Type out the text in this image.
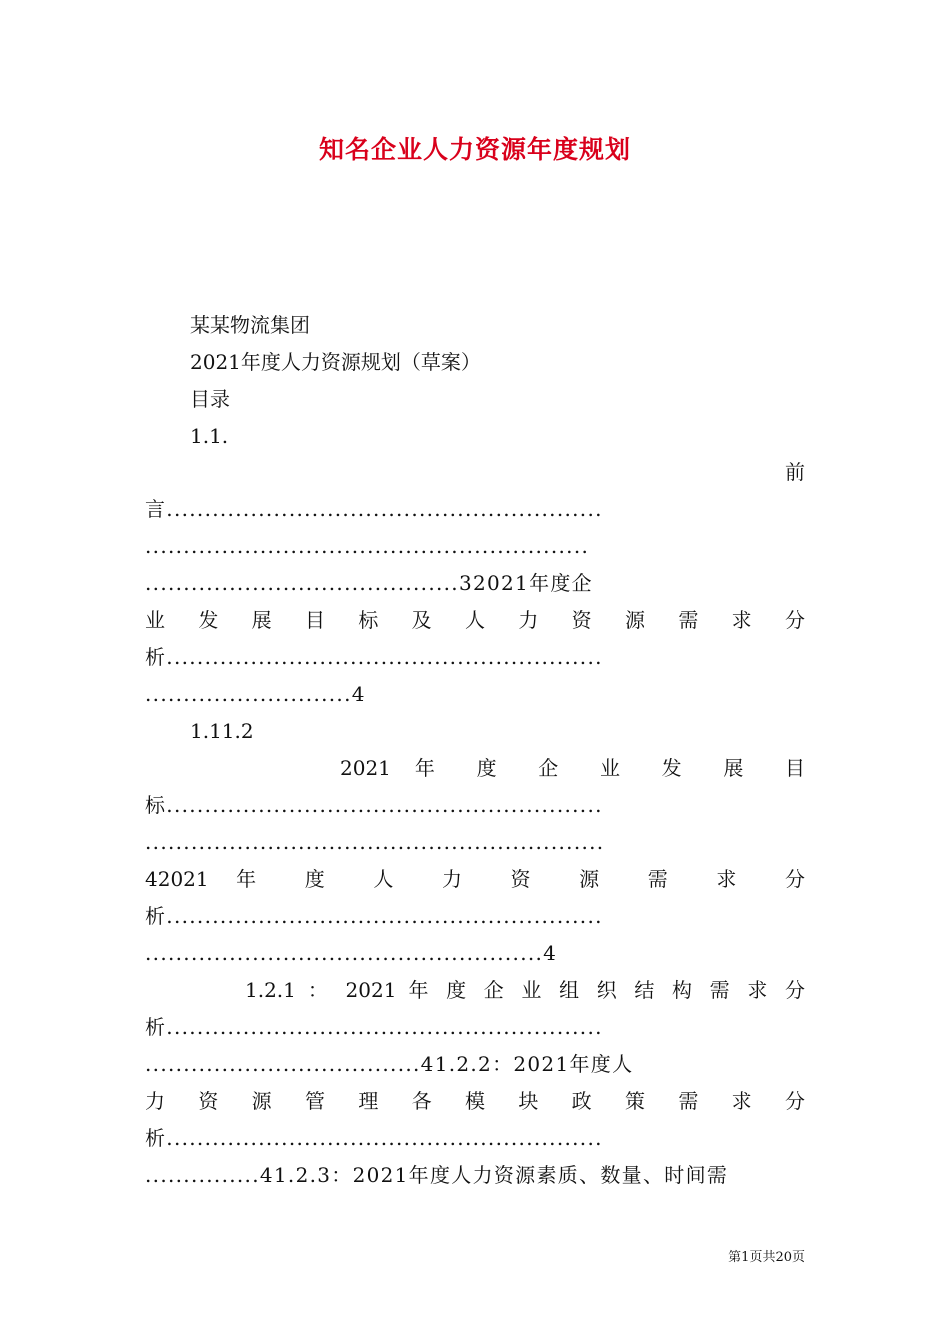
知名企业人力资源年度规划
某某物流集团
2021年度人力资源规划（草案）
目录
1.1.
前
言.........................................................
..........................................................
.........................................32021年度企
业发展目标及人力资源需求分
析.........................................................
...........................4
1.11.2
2021 年 度 企 业 发 展 目
标.........................................................
............................................................
42021 年 度 人 力 资 源 需 求 分
析.........................................................
....................................................4
1.2.1 ： 2021 年 度 企 业 组 织 结 构 需 求 分
析.........................................................
....................................41.2.2：2021年度人
力资源管理各模块政策需求分
析.........................................................
...............41.2.3：2021年度人力资源素质、数量、时间需
第1页共20页
